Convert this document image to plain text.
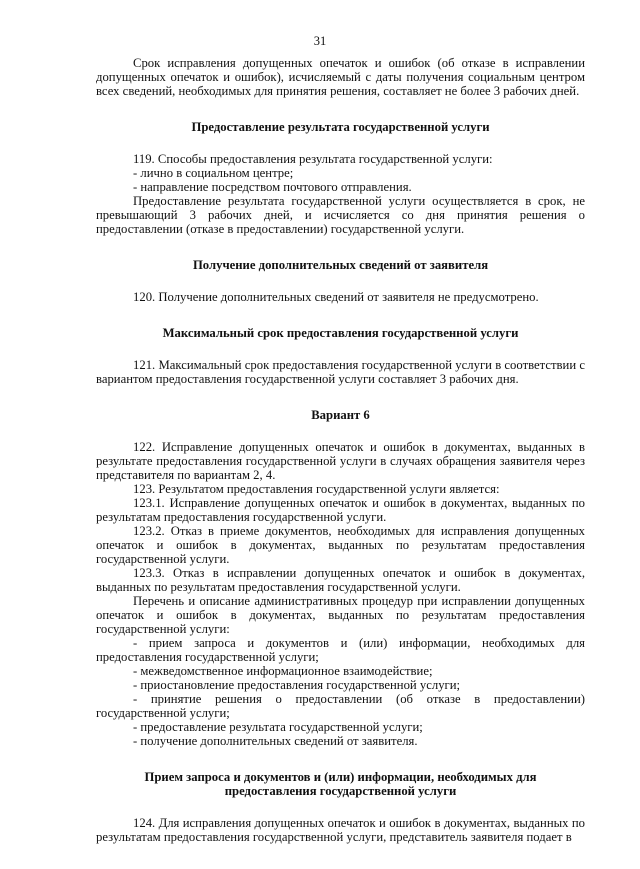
31

Срок исправления допущенных опечаток и ошибок (об отказе в исправлении допущенных опечаток и ошибок), исчисляемый с даты получения социальным центром всех сведений, необходимых для принятия решения, составляет не более 3 рабочих дней.

Предоставление результата государственной услуги

119. Способы предоставления результата государственной услуги:

- лично в социальном центре;

- направление посредством почтового отправления.

Предоставление результата государственной услуги осуществляется в срок, не превышающий 3 рабочих дней, и исчисляется со дня принятия решения о предоставлении (отказе в предоставлении) государственной услуги.

Получение дополнительных сведений от заявителя

120. Получение дополнительных сведений от заявителя не предусмотрено.

Максимальный срок предоставления государственной услуги

121. Максимальный срок предоставления государственной услуги в соответствии с вариантом предоставления государственной услуги составляет 3 рабочих дня.

Вариант 6

122. Исправление допущенных опечаток и ошибок в документах, выданных в результате предоставления государственной услуги в случаях обращения заявителя через представителя по вариантам 2, 4.

123. Результатом предоставления государственной услуги является:

123.1. Исправление допущенных опечаток и ошибок в документах, выданных по результатам предоставления государственной услуги.

123.2. Отказ в приеме документов, необходимых для исправления допущенных опечаток и ошибок в документах, выданных по результатам предоставления государственной услуги.

123.3. Отказ в исправлении допущенных опечаток и ошибок в документах, выданных по результатам предоставления государственной услуги.

Перечень и описание административных процедур при исправлении допущенных опечаток и ошибок в документах, выданных по результатам предоставления государственной услуги:

- прием запроса и документов и (или) информации, необходимых для предоставления государственной услуги;

- межведомственное информационное взаимодействие;

- приостановление предоставления государственной услуги;

- принятие решения о предоставлении (об отказе в предоставлении) государственной услуги;

- предоставление результата государственной услуги;

- получение дополнительных сведений от заявителя.

Прием запроса и документов и (или) информации, необходимых для предоставления государственной услуги

124. Для исправления допущенных опечаток и ошибок в документах, выданных по результатам предоставления государственной услуги, представитель заявителя подает в
